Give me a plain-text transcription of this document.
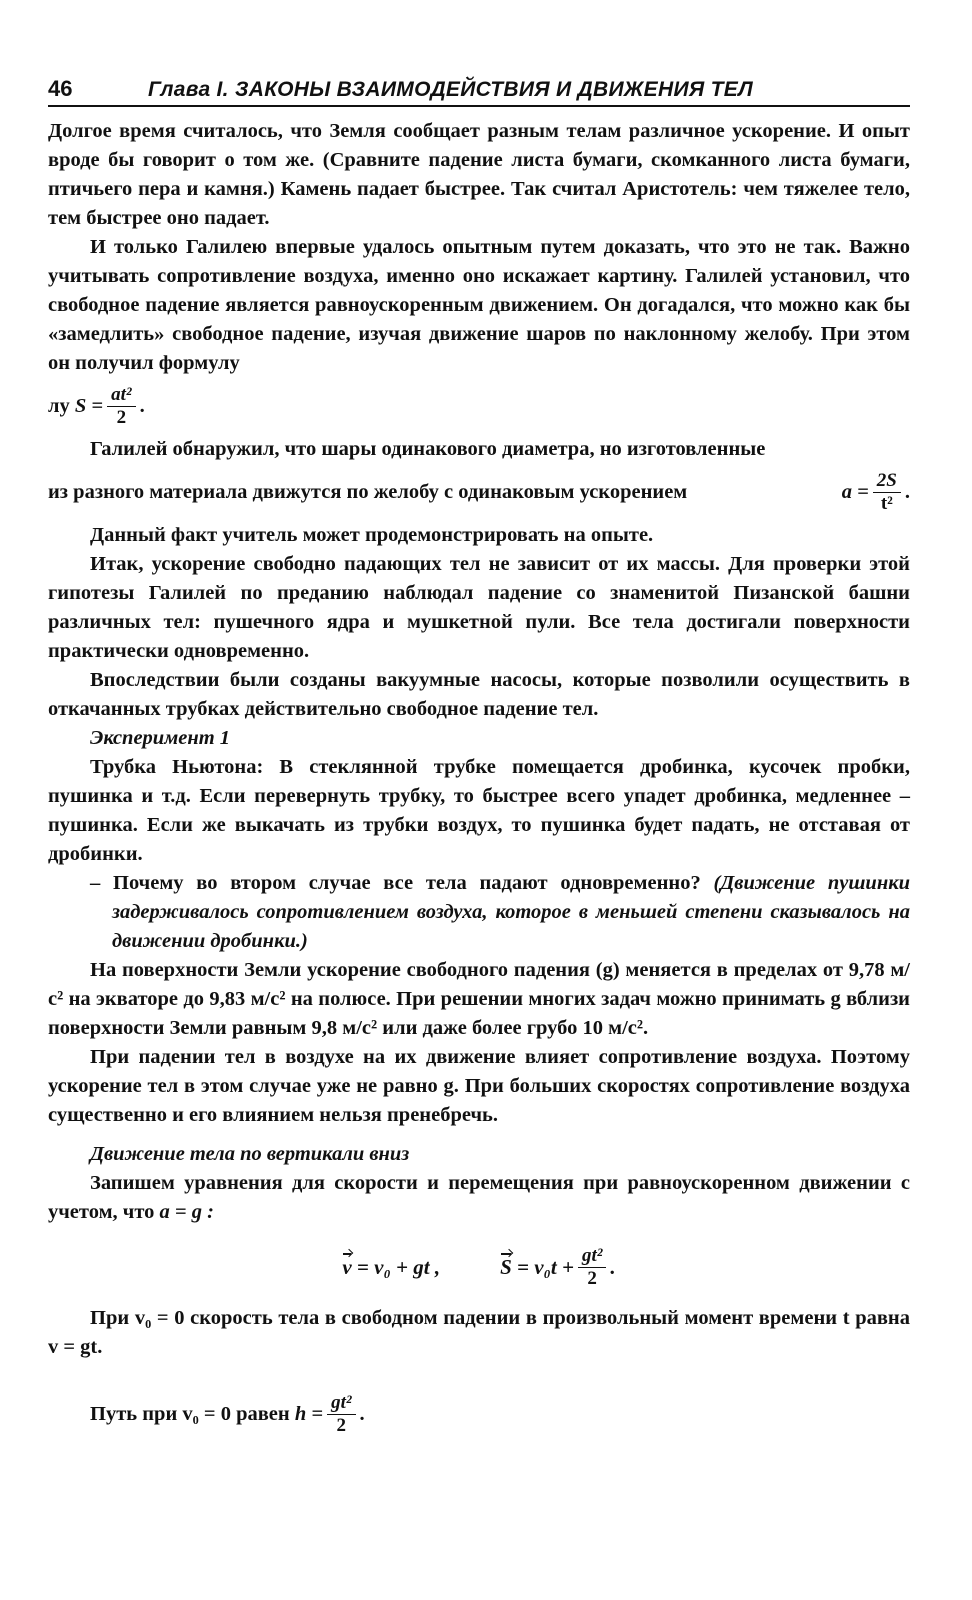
46	Глава I. ЗАКОНЫ ВЗАИМОДЕЙСТВИЯ И ДВИЖЕНИЯ ТЕЛ

Долгое время считалось, что Земля сообщает разным телам различное ускорение. И опыт вроде бы говорит о том же. (Сравните падение листа бумаги, скомканного листа бумаги, птичьего пера и камня.) Камень падает быстрее. Так считал Аристотель: чем тяжелее тело, тем быстрее оно падает.

И только Галилею впервые удалось опытным путем доказать, что это не так. Важно учитывать сопротивление воздуха, именно оно искажает картину. Галилей установил, что свободное падение является равноускоренным движением. Он догадался, что можно как бы «замедлить» свободное падение, изучая движение шаров по наклонному желобу. При этом он получил формулу

лу
$S = \frac{\text{at²}}{2}$ .

Галилей обнаружил, что шары одинакового диаметра, но изготовленные

из разного материала движутся по желобу с одинаковым ускорением	$a = \frac{2S}{\text{t²}}$ .

Данный факт учитель может продемонстрировать на опыте.

Итак, ускорение свободно падающих тел не зависит от их массы. Для проверки этой гипотезы Галилей по преданию наблюдал падение со знаменитой Пизанской башни различных тел: пушечного ядра и мушкетной пули. Все тела достигали поверхности практически одновременно.

Впоследствии были созданы вакуумные насосы, которые позволили осуществить в откачанных трубках действительно свободное падение тел.

Эксперимент 1

Трубка Ньютона: В стеклянной трубке помещается дробинка, кусочек пробки, пушинка и т.д. Если перевернуть трубку, то быстрее всего упадет дробинка, медленнее – пушинка. Если же выкачать из трубки воздух, то пушинка будет падать, не отставая от дробинки.

– Почему во втором случае все тела падают одновременно? (Движение пушинки задерживалось сопротивлением воздуха, которое в меньшей степени сказывалось на движении дробинки.)

На поверхности Земли ускорение свободного падения (g) меняется в пределах от 9,78 м/с² на экваторе до 9,83 м/с² на полюсе. При решении многих задач можно принимать g вблизи поверхности Земли равным 9,8 м/с² или даже более грубо 10 м/с².

При падении тел в воздухе на их движение влияет сопротивление воздуха. Поэтому ускорение тел в этом случае уже не равно g. При больших скоростях сопротивление воздуха существенно и его влиянием нельзя пренебречь.

Движение тела по вертикали вниз

Запишем уравнения для скорости и перемещения при равноускоренном движении с учетом, что a = g :

v
= v₀ + gt ,	S
= $v_0t + \frac{\text{gt²}}{2}$ .

При v₀ = 0 скорость тела в свободном падении в произвольный момент времени t равна v = gt.

Путь при v₀ = 0 равен
$h = \frac{\text{gt²}}{2}$ .
